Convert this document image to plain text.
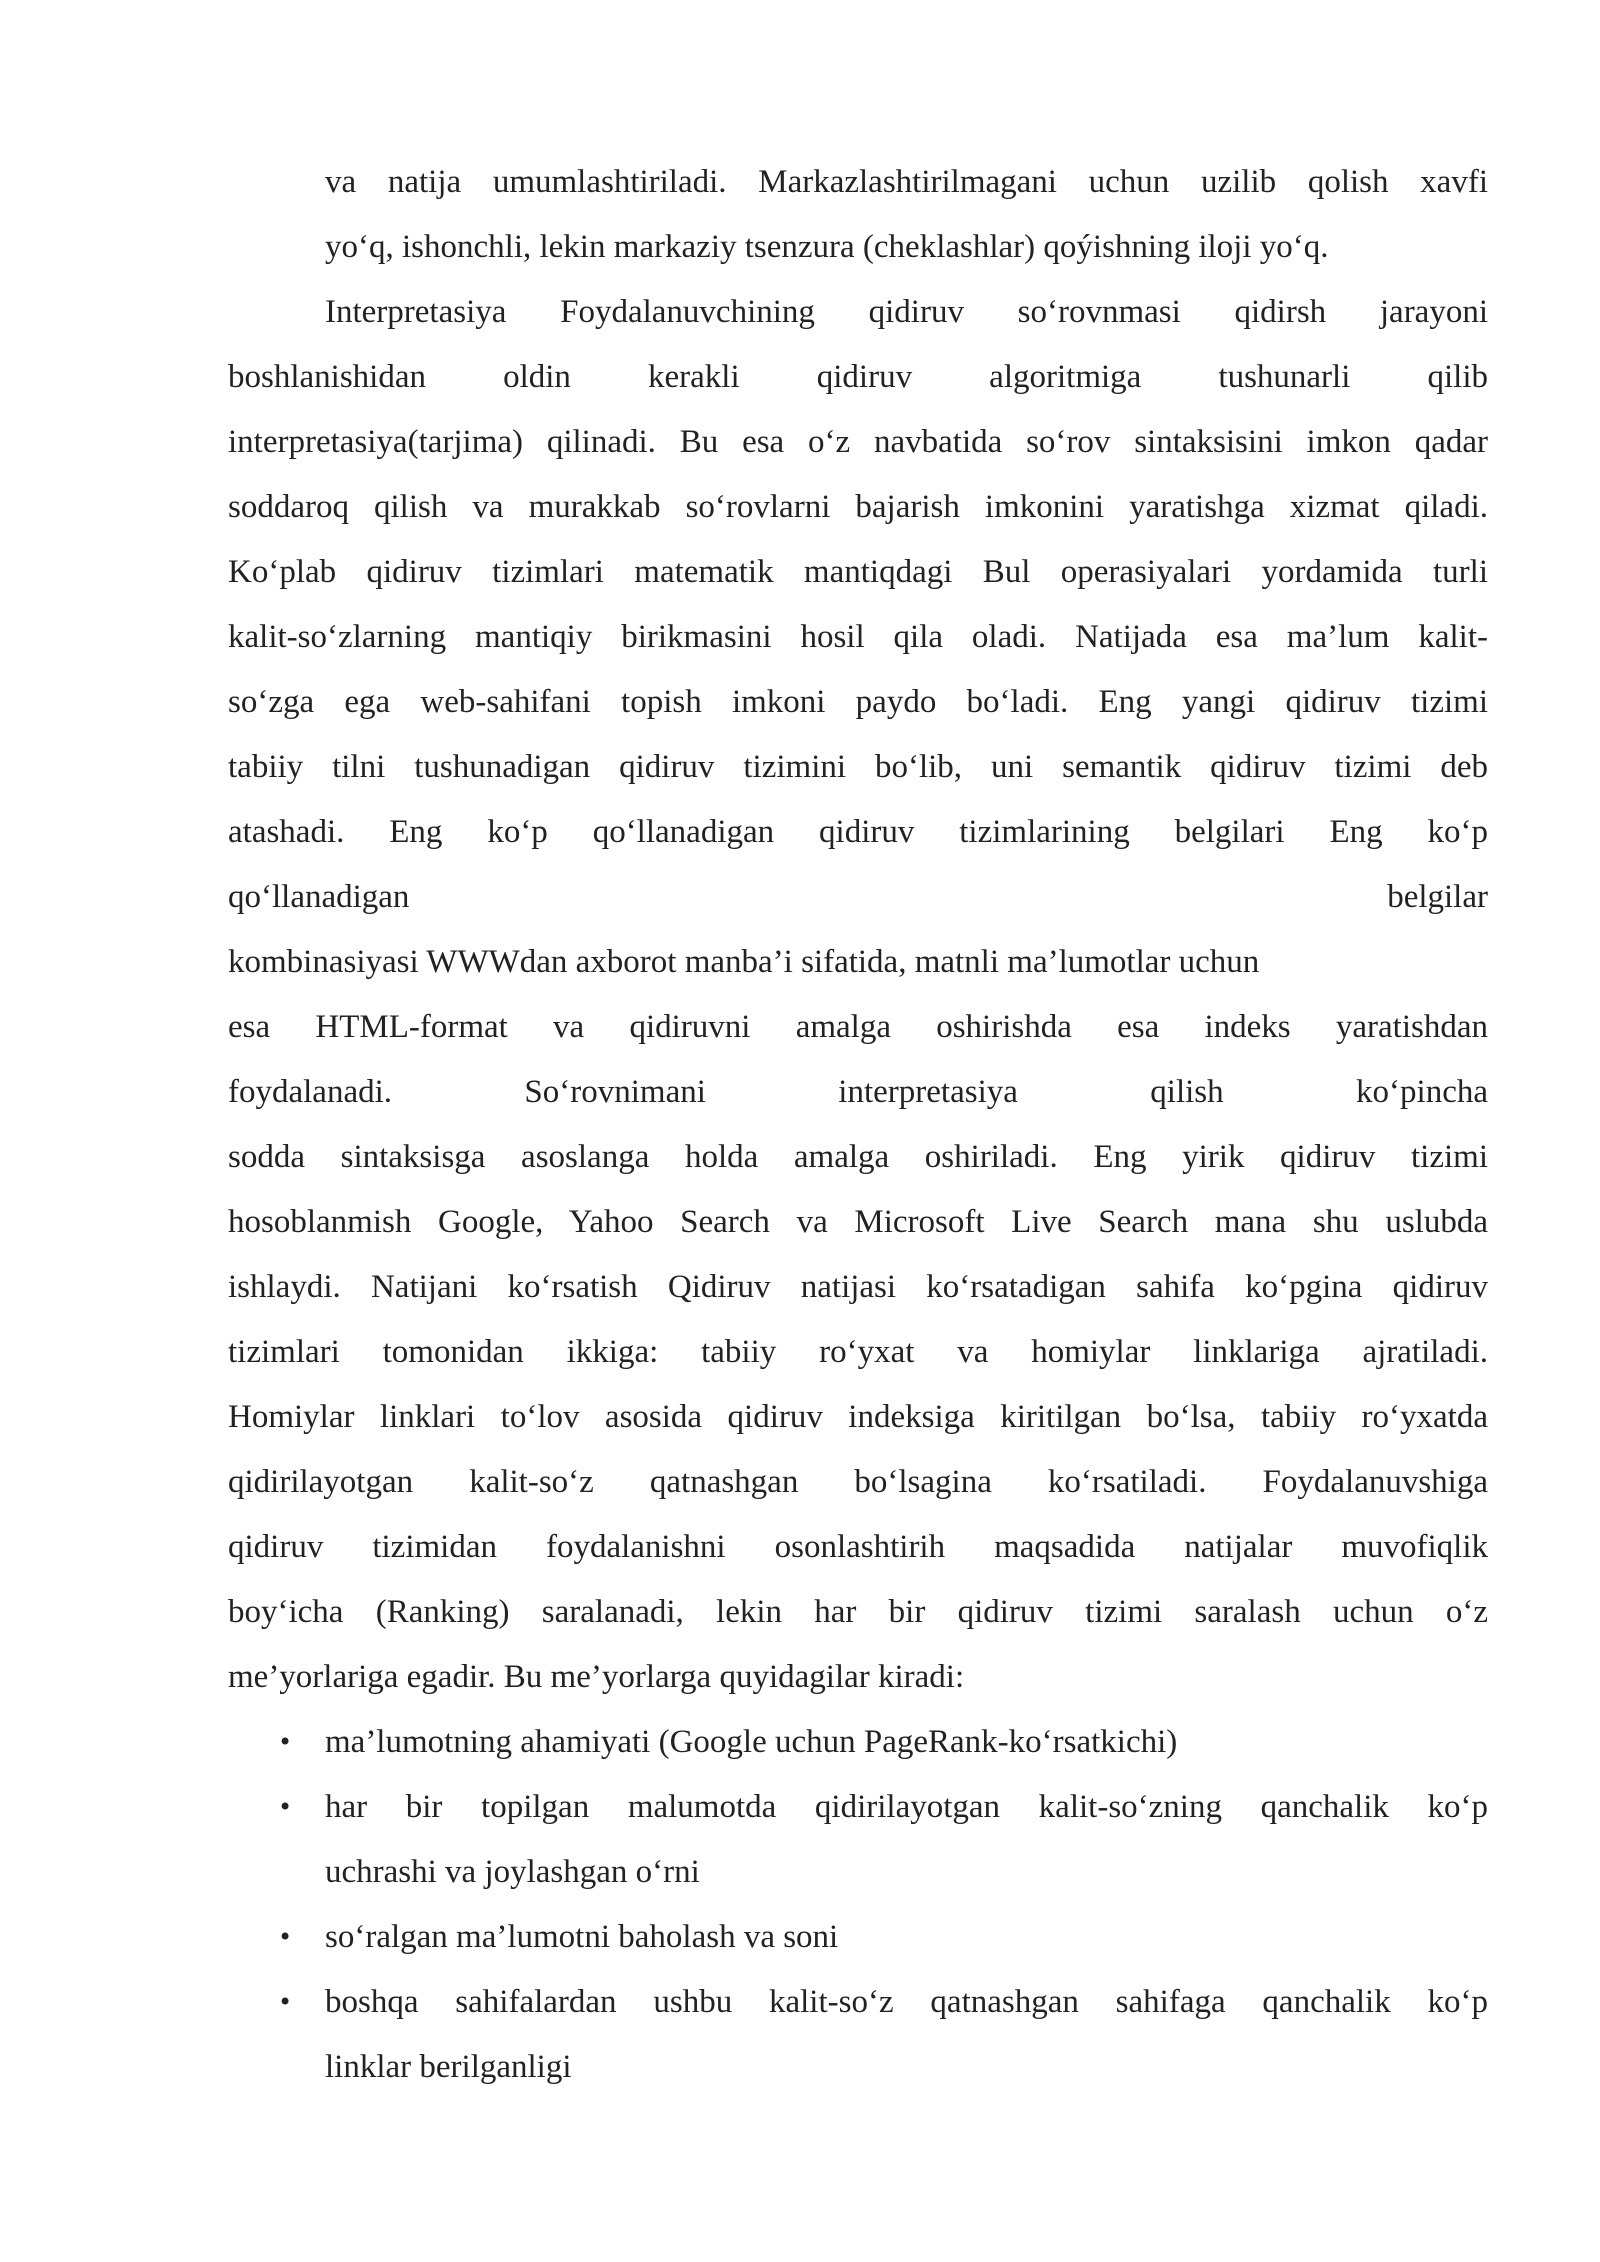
va natija umumlashtiriladi. Markazlashtirilmagani uchun uzilib qolish xavfi
yo‘q, ishonchli, lekin markaziy tsenzura (cheklashlar) qoýishning iloji yo‘q.
Interpretasiya Foydalanuvchining qidiruv so‘rovnmasi qidirsh jarayoni
boshlanishidan oldin kerakli qidiruv algoritmiga tushunarli qilib
interpretasiya(tarjima) qilinadi. Bu esa o‘z navbatida so‘rov sintaksisini imkon qadar
soddaroq qilish va murakkab so‘rovlarni bajarish imkonini yaratishga xizmat qiladi.
Ko‘plab qidiruv tizimlari matematik mantiqdagi Bul operasiyalari yordamida turli
kalit-so‘zlarning mantiqiy birikmasini hosil qila oladi. Natijada esa ma’lum kalit-
so‘zga ega web-sahifani topish imkoni paydo bo‘ladi. Eng yangi qidiruv tizimi
tabiiy tilni tushunadigan qidiruv tizimini bo‘lib, uni semantik qidiruv tizimi deb
atashadi. Eng ko‘p qo‘llanadigan qidiruv tizimlarining belgilari Eng ko‘p
qo‘llanadigan belgilar
kombinasiyasi WWWdan axborot manba’i sifatida, matnli ma’lumotlar uchun
esa HTML-format va qidiruvni amalga oshirishda esa indeks yaratishdan
foydalanadi. So‘rovnimani interpretasiya qilish ko‘pincha
sodda sintaksisga asoslanga holda amalga oshiriladi. Eng yirik qidiruv tizimi
hosoblanmish Google, Yahoo Search va Microsoft Live Search mana shu uslubda
ishlaydi. Natijani ko‘rsatish Qidiruv natijasi ko‘rsatadigan sahifa ko‘pgina qidiruv
tizimlari tomonidan ikkiga: tabiiy ro‘yxat va homiylar linklariga ajratiladi.
Homiylar linklari to‘lov asosida qidiruv indeksiga kiritilgan bo‘lsa, tabiiy ro‘yxatda
qidirilayotgan kalit-so‘z qatnashgan bo‘lsagina ko‘rsatiladi. Foydalanuvshiga
qidiruv tizimidan foydalanishni osonlashtirih maqsadida natijalar muvofiqlik
boy‘icha (Ranking) saralanadi, lekin har bir qidiruv tizimi saralash uchun o‘z
me’yorlariga egadir. Bu me’yorlarga quyidagilar kiradi:
• ma’lumotning ahamiyati (Google uchun PageRank-ko‘rsatkichi)
• har bir topilgan malumotda qidirilayotgan kalit-so‘zning qanchalik ko‘p
uchrashi va joylashgan o‘rni
• so‘ralgan ma’lumotni baholash va soni
• boshqa sahifalardan ushbu kalit-so‘z qatnashgan sahifaga qanchalik ko‘p
linklar berilganligi
